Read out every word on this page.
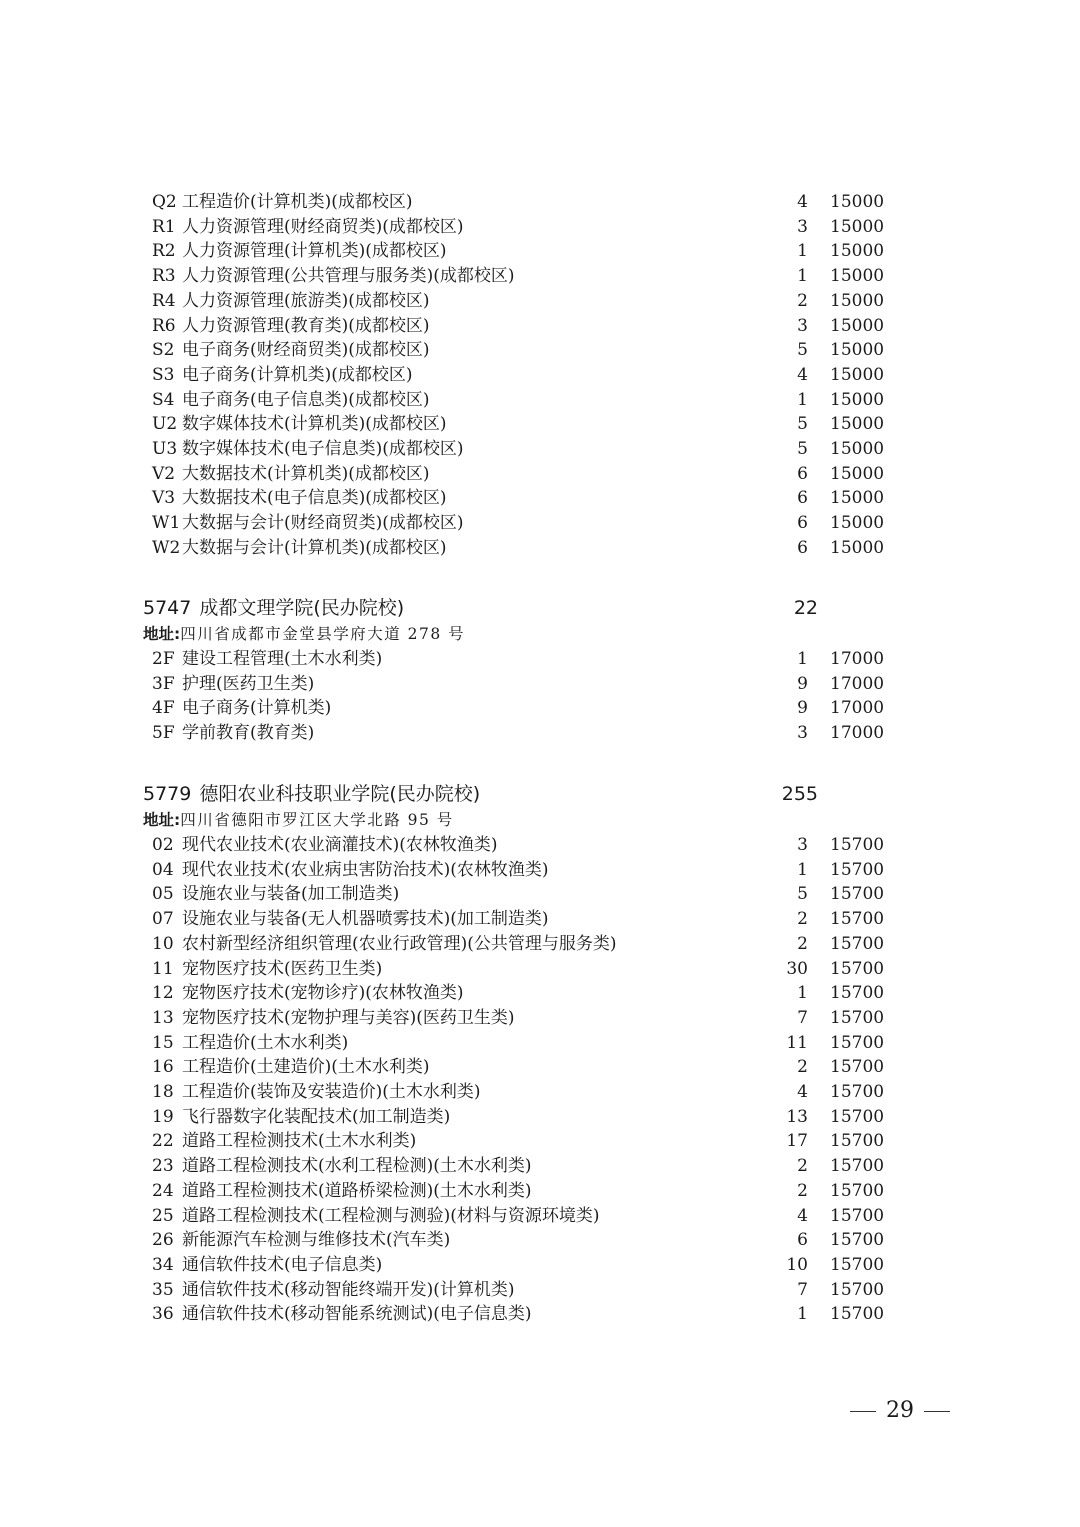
Q2 工程造价(计算机类)(成都校区)	4 15000
R1 人力资源管理(财经商贸类)(成都校区)	3 15000
R2 人力资源管理(计算机类)(成都校区)	1 15000
R3 人力资源管理(公共管理与服务类)(成都校区)	1 15000
R4 人力资源管理(旅游类)(成都校区)	2 15000
R6 人力资源管理(教育类)(成都校区)	3 15000
S2 电子商务(财经商贸类)(成都校区)	5 15000
S3 电子商务(计算机类)(成都校区)	4 15000
S4 电子商务(电子信息类)(成都校区)	1 15000
U2 数字媒体技术(计算机类)(成都校区)	5 15000
U3 数字媒体技术(电子信息类)(成都校区)	5 15000
V2 大数据技术(计算机类)(成都校区)	6 15000
V3 大数据技术(电子信息类)(成都校区)	6 15000
W1 大数据与会计(财经商贸类)(成都校区)	6 15000
W2 大数据与会计(计算机类)(成都校区)	6 15000
5747 成都文理学院(民办院校)	22
地址:四川省成都市金堂县学府大道 278 号
2F 建设工程管理(土木水利类)	1 17000
3F 护理(医药卫生类)	9 17000
4F 电子商务(计算机类)	9 17000
5F 学前教育(教育类)	3 17000
5779 德阳农业科技职业学院(民办院校)	255
地址:四川省德阳市罗江区大学北路 95 号
02 现代农业技术(农业滴灌技术)(农林牧渔类)	3 15700
04 现代农业技术(农业病虫害防治技术)(农林牧渔类)	1 15700
05 设施农业与装备(加工制造类)	5 15700
07 设施农业与装备(无人机器喷雾技术)(加工制造类)	2 15700
10 农村新型经济组织管理(农业行政管理)(公共管理与服务类)	2 15700
11 宠物医疗技术(医药卫生类)	30 15700
12 宠物医疗技术(宠物诊疗)(农林牧渔类)	1 15700
13 宠物医疗技术(宠物护理与美容)(医药卫生类)	7 15700
15 工程造价(土木水利类)	11 15700
16 工程造价(土建造价)(土木水利类)	2 15700
18 工程造价(装饰及安装造价)(土木水利类)	4 15700
19 飞行器数字化装配技术(加工制造类)	13 15700
22 道路工程检测技术(土木水利类)	17 15700
23 道路工程检测技术(水利工程检测)(土木水利类)	2 15700
24 道路工程检测技术(道路桥梁检测)(土木水利类)	2 15700
25 道路工程检测技术(工程检测与测验)(材料与资源环境类)	4 15700
26 新能源汽车检测与维修技术(汽车类)	6 15700
34 通信软件技术(电子信息类)	10 15700
35 通信软件技术(移动智能终端开发)(计算机类)	7 15700
36 通信软件技术(移动智能系统测试)(电子信息类)	1 15700
29
